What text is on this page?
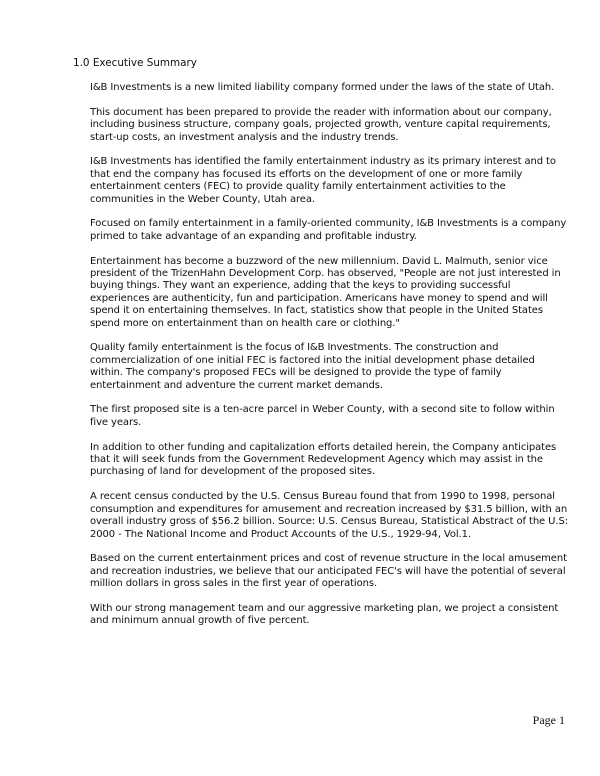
1.0 Executive Summary

I&B Investments is a new limited liability company formed under the laws of the state of Utah.

This document has been prepared to provide the reader with information about our company, including business structure, company goals, projected growth, venture capital requirements, start-up costs, an investment analysis and the industry trends.

I&B Investments has identified the family entertainment industry as its primary interest and to that end the company has focused its efforts on the development of one or more family entertainment centers (FEC) to provide quality family entertainment activities to the communities in the Weber County, Utah area.

Focused on family entertainment in a family-oriented community, I&B Investments is a company primed to take advantage of an expanding and profitable industry.

Entertainment has become a buzzword of the new millennium. David L. Malmuth, senior vice president of the TrizenHahn Development Corp. has observed, "People are not just interested in buying things. They want an experience, adding that the keys to providing successful experiences are authenticity, fun and participation. Americans have money to spend and will spend it on entertaining themselves. In fact, statistics show that people in the United States spend more on entertainment than on health care or clothing."

Quality family entertainment is the focus of I&B Investments. The construction and commercialization of one initial FEC is factored into the initial development phase detailed within. The company's proposed FECs will be designed to provide the type of family entertainment and adventure the current market demands.

The first proposed site is a ten-acre parcel in Weber County, with a second site to follow within five years.

In addition to other funding and capitalization efforts detailed herein, the Company anticipates that it will seek funds from the Government Redevelopment Agency which may assist in the purchasing of land for development of the proposed sites.

A recent census conducted by the U.S. Census Bureau found that from 1990 to 1998, personal consumption and expenditures for amusement and recreation increased by $31.5 billion, with an overall industry gross of $56.2 billion. Source: U.S. Census Bureau, Statistical Abstract of the U.S: 2000 - The National Income and Product Accounts of the U.S., 1929-94, Vol.1.

Based on the current entertainment prices and cost of revenue structure in the local amusement and recreation industries, we believe that our anticipated FEC's will have the potential of several million dollars in gross sales in the first year of operations.

With our strong management team and our aggressive marketing plan, we project a consistent and minimum annual growth of five percent.

Page 1
